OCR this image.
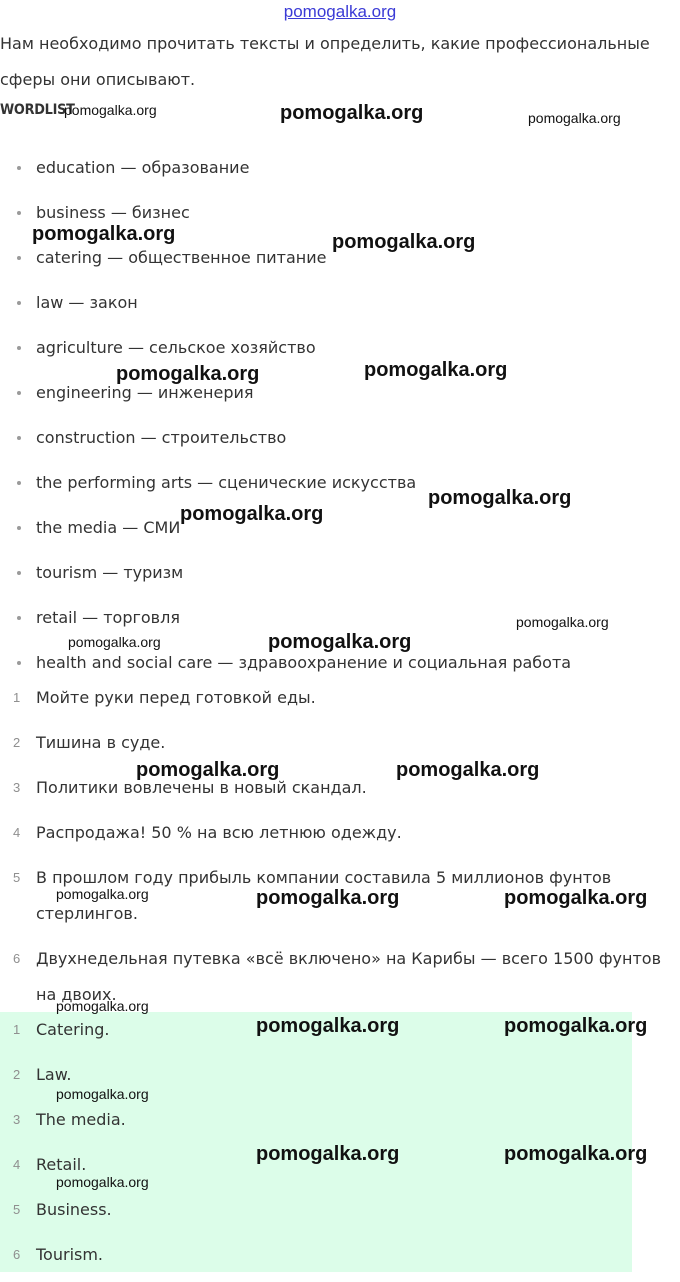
pomogalka.org
Нам необходимо прочитать тексты и определить, какие профессиональные сферы они описывают.
WORDLIST
education — образование
business — бизнес
catering — общественное питание
law — закон
agriculture — сельское хозяйство
engineering — инженерия
construction — строительство
the performing arts — сценические искусства
the media — СМИ
tourism — туризм
retail — торговля
health and social care — здравоохранение и социальная работа
1 Мойте руки перед готовкой еды.
2 Тишина в суде.
3 Политики вовлечены в новый скандал.
4 Распродажа! 50 % на всю летнюю одежду.
5 В прошлом году прибыль компании составила 5 миллионов фунтов стерлингов.
6 Двухнедельная путевка «всё включено» на Карибы — всего 1500 фунтов на двоих.
1 Catering.
2 Law.
3 The media.
4 Retail.
5 Business.
6 Tourism.
pomogalka.org	pomogalka.org	pomogalka.org
pomogalka.org	pomogalka.org
pomogalka.org
pomogalka.org
pomogalka.org
pomogalka.org
pomogalka.org
pomogalka.org	pomogalka.org
pomogalka.org	pomogalka.org
pomogalka.org	pomogalka.org	pomogalka.org
pomogalka.org
pomogalka.org	pomogalka.org
pomogalka.org
pomogalka.org	pomogalka.org
pomogalka.org
